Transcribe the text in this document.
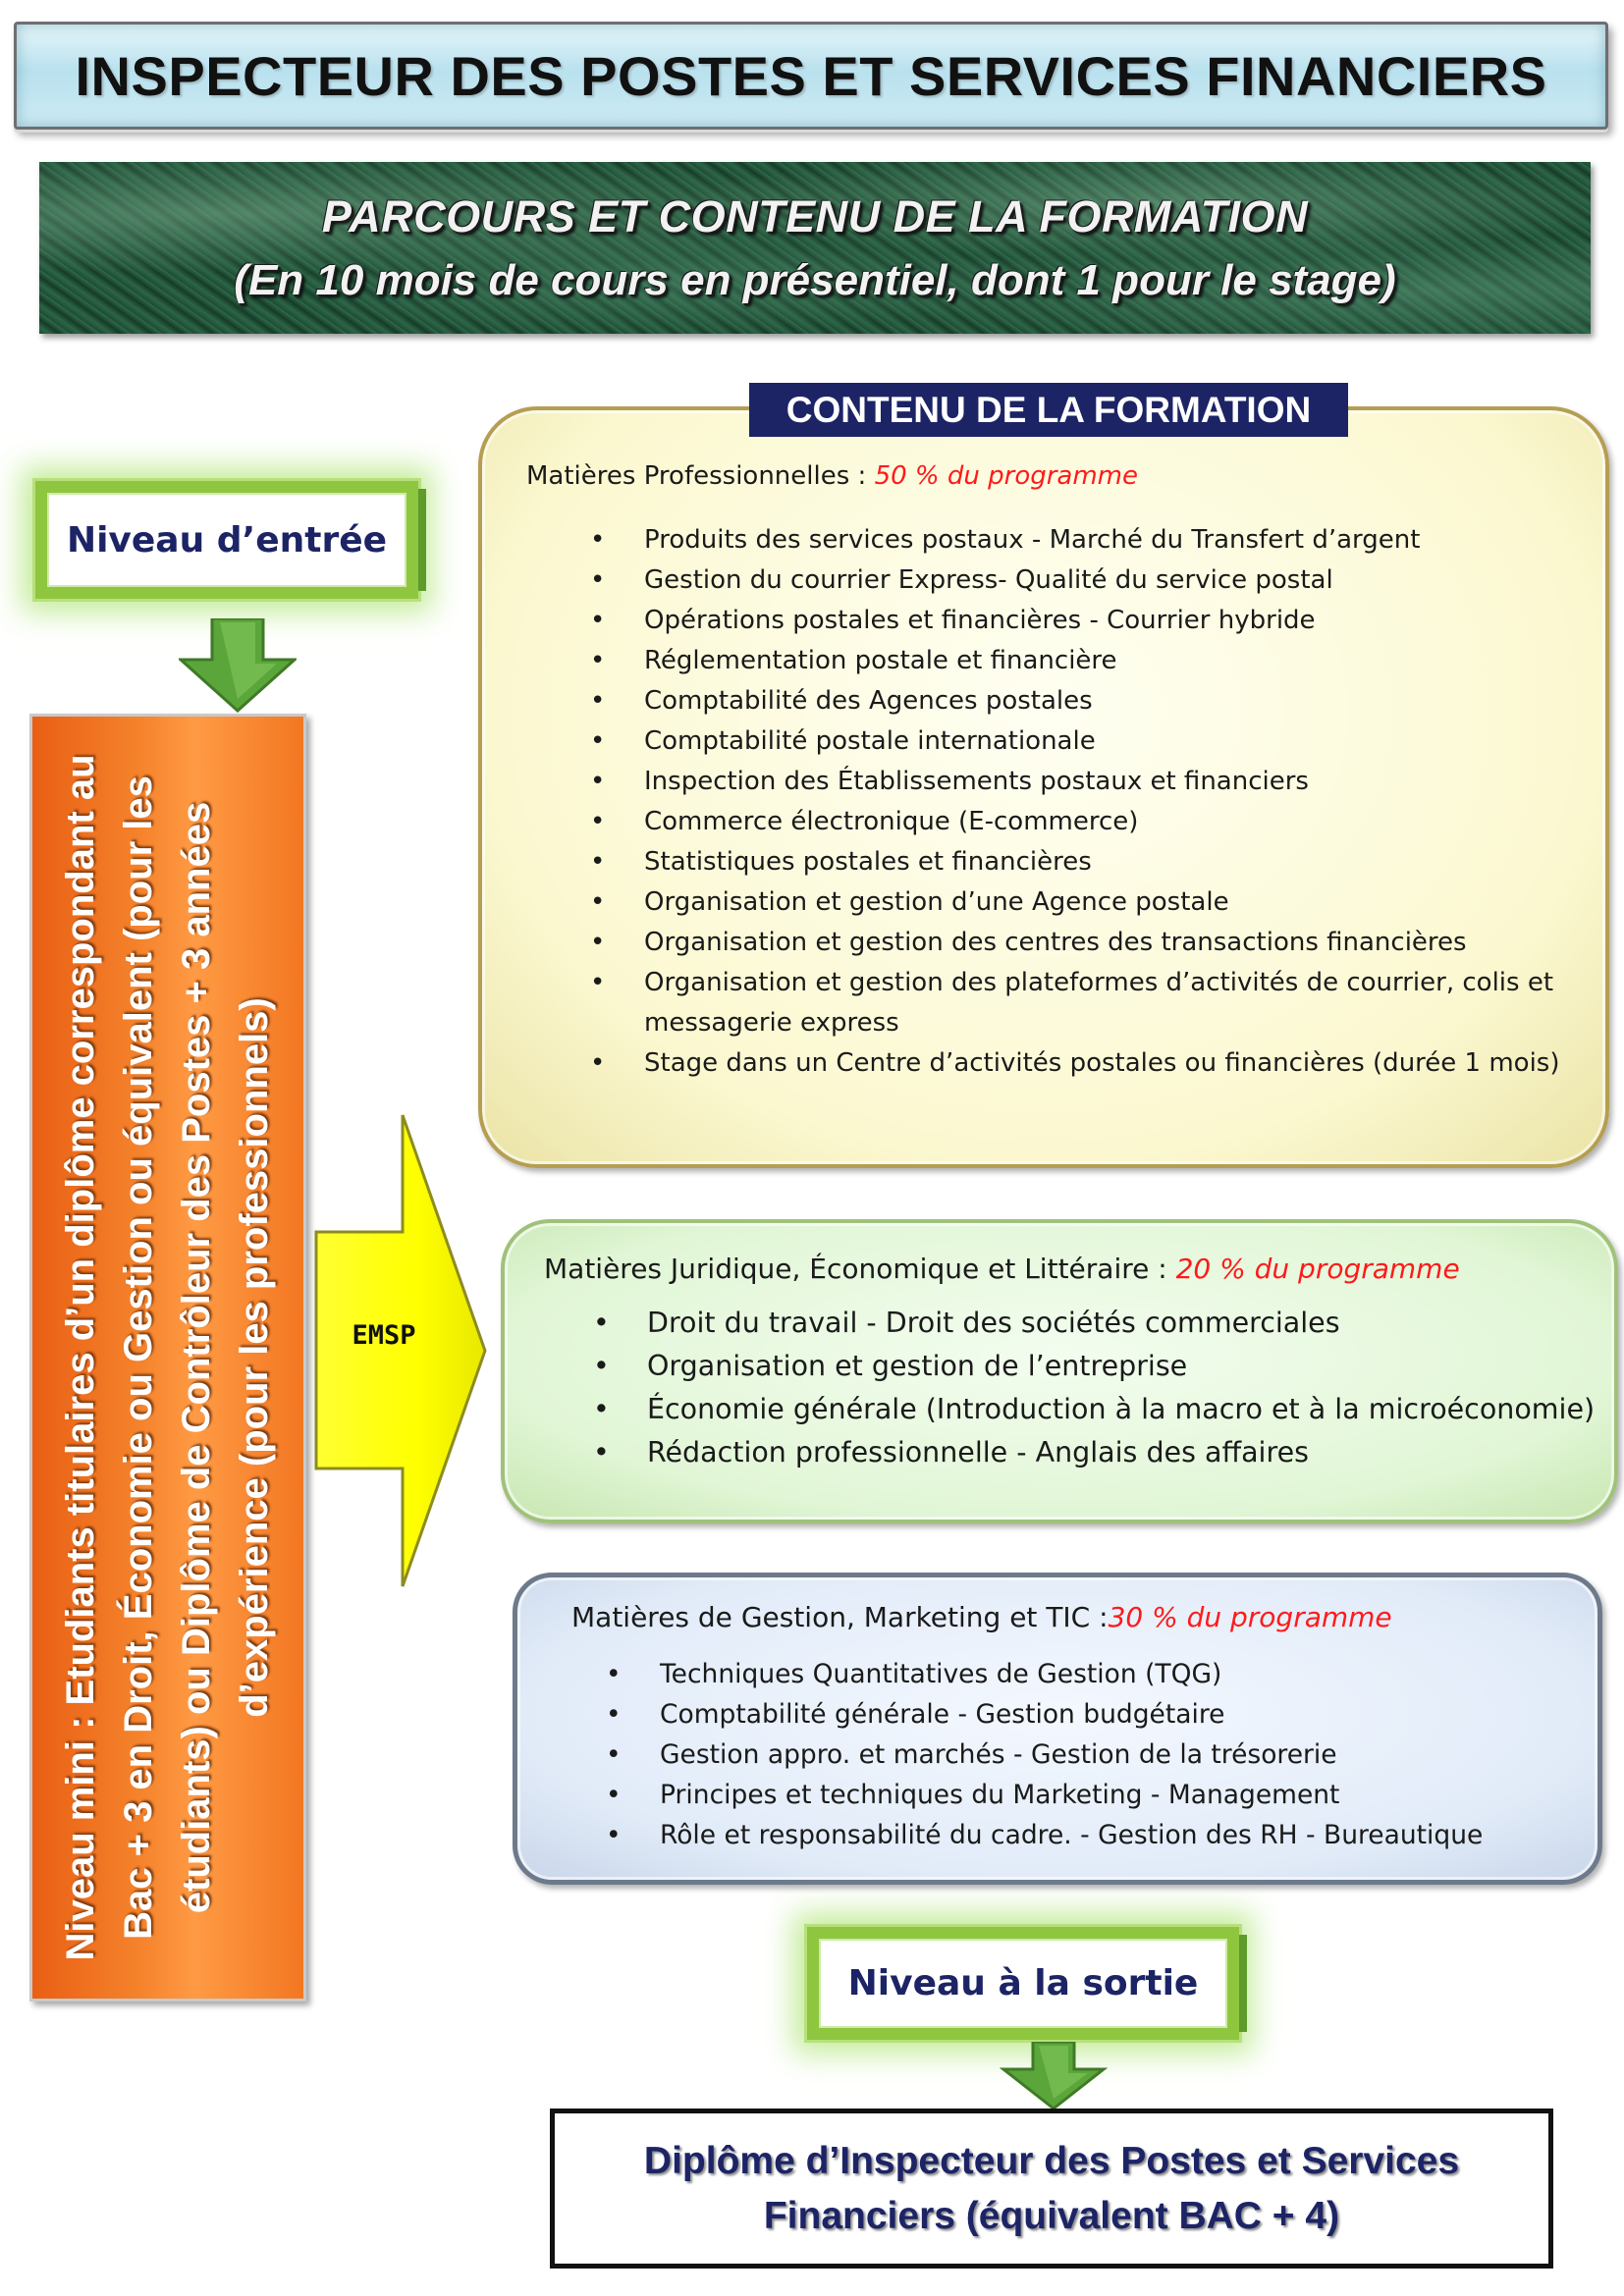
INSPECTEUR DES POSTES ET SERVICES FINANCIERS
PARCOURS ET CONTENU DE LA FORMATION
(En 10 mois de cours en présentiel, dont 1 pour le stage)
Niveau d’entrée
Niveau mini : Etudiants titulaires d’un diplôme correspondant au Bac + 3 en Droit, Économie ou Gestion ou équivalent (pour les étudiants) ou Diplôme de Contrôleur des Postes + 3 années d’expérience (pour les professionnels)	EMSP
CONTENU DE LA FORMATION
Matières Professionnelles : 50 % du programme
• Produits des services postaux - Marché du Transfert d’argent
• Gestion du courrier Express- Qualité du service postal
• Opérations postales et financières - Courrier hybride
• Réglementation postale et financière
• Comptabilité des Agences postales
• Comptabilité postale internationale
• Inspection des Établissements postaux et financiers
• Commerce électronique (E-commerce)
• Statistiques postales et financières
• Organisation et gestion d’une Agence postale
• Organisation et gestion des centres des transactions financières
• Organisation et gestion des plateformes d’activités de courrier, colis et messagerie express
• Stage dans un Centre d’activités postales ou financières (durée 1 mois)
Matières Juridique, Économique et Littéraire : 20 % du programme
• Droit du travail - Droit des sociétés commerciales
• Organisation et gestion de l’entreprise
• Économie générale (Introduction à la macro et à la microéconomie)
• Rédaction professionnelle - Anglais des affaires
Matières de Gestion, Marketing et TIC :30 % du programme
• Techniques Quantitatives de Gestion (TQG)
• Comptabilité générale - Gestion budgétaire
• Gestion appro. et marchés - Gestion de la trésorerie
• Principes et techniques du Marketing - Management
• Rôle et responsabilité du cadre. - Gestion des RH - Bureautique
Niveau à la sortie
Diplôme d’Inspecteur des Postes et Services
Financiers (équivalent BAC + 4)
